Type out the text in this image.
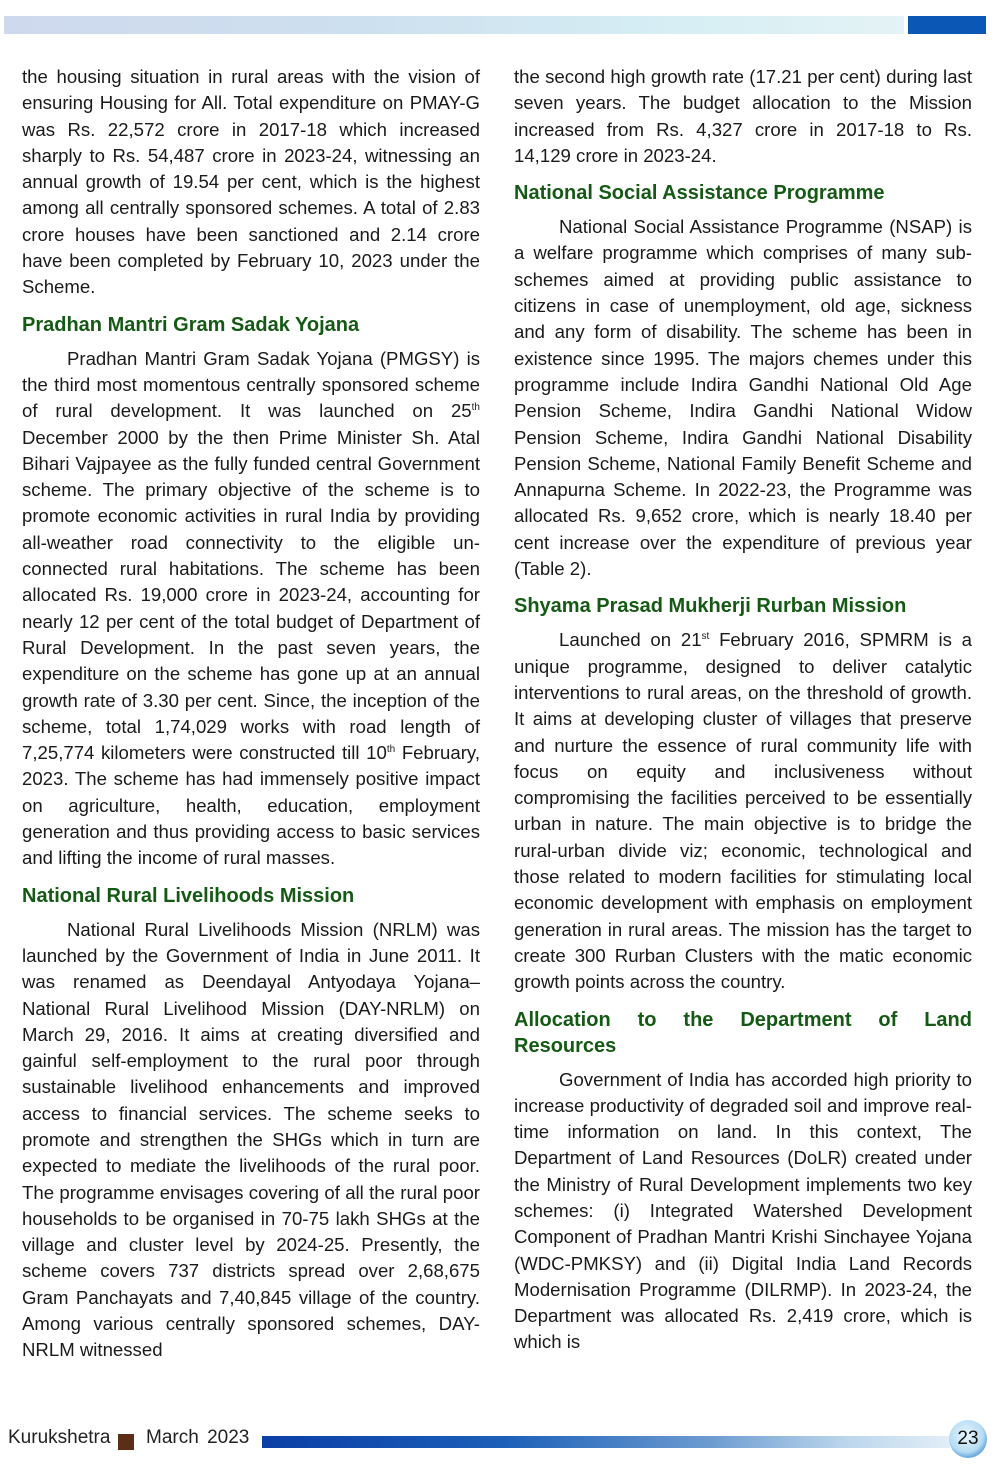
the housing situation in rural areas with the vision of ensuring Housing for All. Total expenditure on PMAY-G was Rs. 22,572 crore in 2017-18 which increased sharply to Rs. 54,487 crore in 2023-24, witnessing an annual growth of 19.54 per cent, which is the highest among all centrally sponsored schemes. A total of 2.83 crore houses have been sanctioned and 2.14 crore have been completed by February 10, 2023 under the Scheme.

Pradhan Mantri Gram Sadak Yojana

Pradhan Mantri Gram Sadak Yojana (PMGSY) is the third most momentous centrally sponsored scheme of rural development. It was launched on 25th December 2000 by the then Prime Minister Sh. Atal Bihari Vajpayee as the fully funded central Government scheme. The primary objective of the scheme is to promote economic activities in rural India by providing all-weather road connectivity to the eligible un-connected rural habitations. The scheme has been allocated Rs. 19,000 crore in 2023-24, accounting for nearly 12 per cent of the total budget of Department of Rural Development. In the past seven years, the expenditure on the scheme has gone up at an annual growth rate of 3.30 per cent. Since, the inception of the scheme, total 1,74,029 works with road length of 7,25,774 kilometers were constructed till 10th February, 2023. The scheme has had immensely positive impact on agriculture, health, education, employment generation and thus providing access to basic services and lifting the income of rural masses.

National Rural Livelihoods Mission

National Rural Livelihoods Mission (NRLM) was launched by the Government of India in June 2011. It was renamed as Deendayal Antyodaya Yojana–National Rural Livelihood Mission (DAY-NRLM) on March 29, 2016. It aims at creating diversified and gainful self-employment to the rural poor through sustainable livelihood enhancements and improved access to financial services. The scheme seeks to promote and strengthen the SHGs which in turn are expected to mediate the livelihoods of the rural poor. The programme envisages covering of all the rural poor households to be organised in 70-75 lakh SHGs at the village and cluster level by 2024-25. Presently, the scheme covers 737 districts spread over 2,68,675 Gram Panchayats and 7,40,845 village of the country. Among various centrally sponsored schemes, DAY-NRLM witnessed

the second high growth rate (17.21 per cent) during last seven years. The budget allocation to the Mission increased from Rs. 4,327 crore in 2017-18 to Rs. 14,129 crore in 2023-24.

National Social Assistance Programme

National Social Assistance Programme (NSAP) is a welfare programme which comprises of many sub-schemes aimed at providing public assistance to citizens in case of unemployment, old age, sickness and any form of disability. The scheme has been in existence since 1995. The majors chemes under this programme include Indira Gandhi National Old Age Pension Scheme, Indira Gandhi National Widow Pension Scheme, Indira Gandhi National Disability Pension Scheme, National Family Benefit Scheme and Annapurna Scheme. In 2022-23, the Programme was allocated Rs. 9,652 crore, which is nearly 18.40 per cent increase over the expenditure of previous year (Table 2).

Shyama Prasad Mukherji Rurban Mission

Launched on 21st February 2016, SPMRM is a unique programme, designed to deliver catalytic interventions to rural areas, on the threshold of growth. It aims at developing cluster of villages that preserve and nurture the essence of rural community life with focus on equity and inclusiveness without compromising the facilities perceived to be essentially urban in nature. The main objective is to bridge the rural-urban divide viz; economic, technological and those related to modern facilities for stimulating local economic development with emphasis on employment generation in rural areas. The mission has the target to create 300 Rurban Clusters with the matic economic growth points across the country.

Allocation to the Department of Land Resources

Government of India has accorded high priority to increase productivity of degraded soil and improve real-time information on land. In this context, The Department of Land Resources (DoLR) created under the Ministry of Rural Development implements two key schemes: (i) Integrated Watershed Development Component of Pradhan Mantri Krishi Sinchayee Yojana (WDC-PMKSY) and (ii) Digital India Land Records Modernisation Programme (DILRMP). In 2023-24, the Department was allocated Rs. 2,419 crore, which is which is

Kurukshetra March 2023	23
